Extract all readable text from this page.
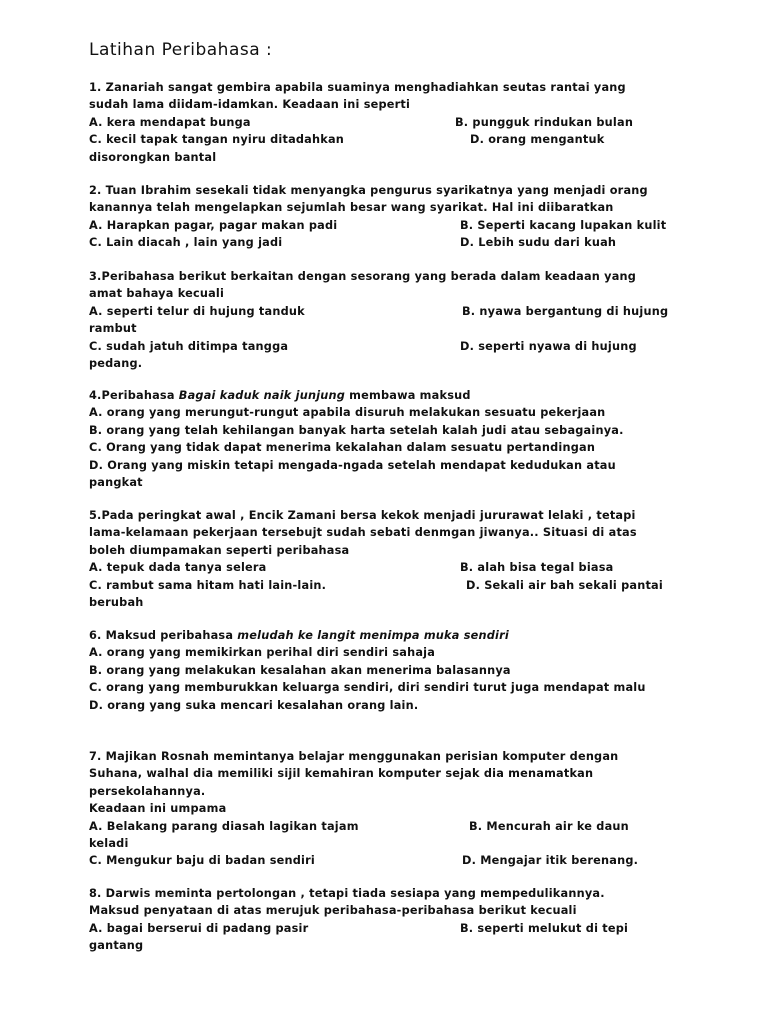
Latihan Peribahasa :
1. Zanariah sangat gembira apabila suaminya menghadiahkan seutas rantai yang
sudah lama diidam-idamkan. Keadaan ini seperti
A. kera mendapat bunga	B. pungguk rindukan bulan
C. kecil tapak tangan nyiru ditadahkan	D. orang mengantuk
disorongkan bantal
2. Tuan Ibrahim sesekali tidak menyangka pengurus syarikatnya yang menjadi orang
kanannya telah mengelapkan sejumlah besar wang syarikat. Hal ini diibaratkan
A. Harapkan pagar, pagar makan padi	B. Seperti kacang lupakan kulit
C. Lain diacah , lain yang jadi	D. Lebih sudu dari kuah
3.Peribahasa berikut berkaitan dengan sesorang yang berada dalam keadaan yang
amat bahaya kecuali
A. seperti telur di hujung tanduk	B. nyawa bergantung di hujung
rambut
C. sudah jatuh ditimpa tangga	D. seperti nyawa di hujung
pedang.
4.Peribahasa Bagai kaduk naik junjung membawa maksud
A. orang yang merungut-rungut apabila disuruh melakukan sesuatu pekerjaan
B. orang yang telah kehilangan banyak harta setelah kalah judi atau sebagainya.
C. Orang yang tidak dapat menerima kekalahan dalam sesuatu pertandingan
D. Orang yang miskin tetapi mengada-ngada setelah mendapat kedudukan atau
pangkat
5.Pada peringkat awal , Encik Zamani bersa kekok menjadi jururawat lelaki , tetapi
lama-kelamaan pekerjaan tersebujt sudah sebati denmgan jiwanya.. Situasi di atas
boleh diumpamakan seperti peribahasa
A. tepuk dada tanya selera	B. alah bisa tegal biasa
C. rambut sama hitam hati lain-lain.	D. Sekali air bah sekali pantai
berubah
6. Maksud peribahasa meludah ke langit menimpa muka sendiri
A. orang yang memikirkan perihal diri sendiri sahaja
B. orang yang melakukan kesalahan akan menerima balasannya
C. orang yang memburukkan keluarga sendiri, diri sendiri turut juga mendapat malu
D. orang yang suka mencari kesalahan orang lain.
7. Majikan Rosnah memintanya belajar menggunakan perisian komputer dengan
Suhana, walhal dia memiliki sijil kemahiran komputer sejak dia menamatkan
persekolahannya.
Keadaan ini umpama
A. Belakang parang diasah lagikan tajam	B. Mencurah air ke daun
keladi
C. Mengukur baju di badan sendiri	D. Mengajar itik berenang.
8. Darwis meminta pertolongan , tetapi tiada sesiapa yang mempedulikannya.
Maksud penyataan di atas merujuk peribahasa-peribahasa berikut kecuali
A. bagai berserui di padang pasir	B. seperti melukut di tepi
gantang
